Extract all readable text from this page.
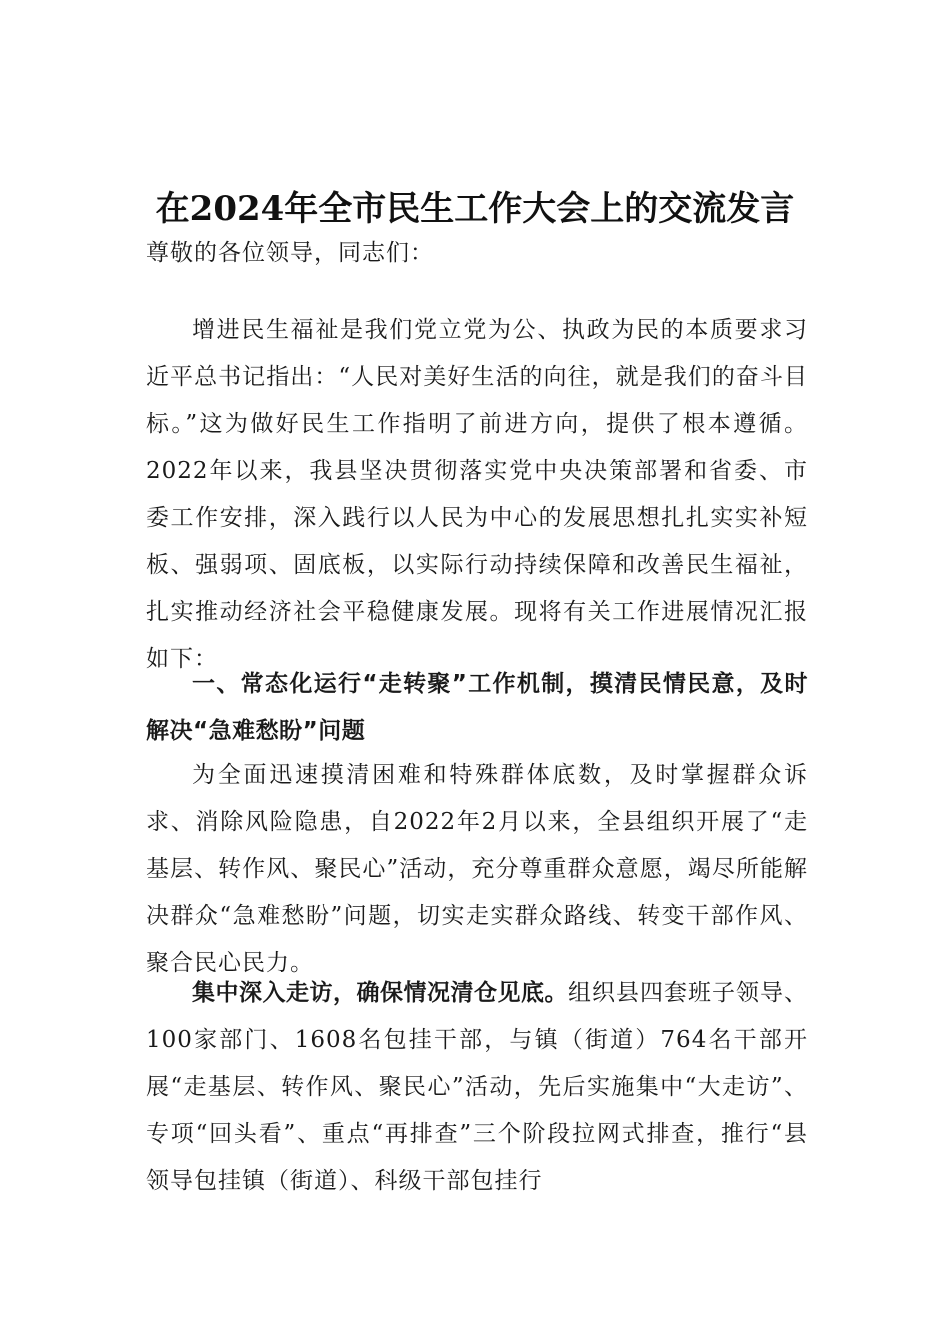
在2024年全市民生工作大会上的交流发言
尊敬的各位领导，同志们：
增进民生福祉是我们党立党为公、执政为民的本质要求习近平总书记指出：“人民对美好生活的向往，就是我们的奋斗目标。”这为做好民生工作指明了前进方向，提供了根本遵循。2022年以来，我县坚决贯彻落实党中央决策部署和省委、市委工作安排，深入践行以人民为中心的发展思想扎扎实实补短板、强弱项、固底板，以实际行动持续保障和改善民生福祉，扎实推动经济社会平稳健康发展。现将有关工作进展情况汇报如下：
一、常态化运行“走转聚”工作机制，摸清民情民意，及时解决“急难愁盼”问题
为全面迅速摸清困难和特殊群体底数，及时掌握群众诉求、消除风险隐患，自2022年2月以来，全县组织开展了“走基层、转作风、聚民心”活动，充分尊重群众意愿，竭尽所能解决群众“急难愁盼”问题，切实走实群众路线、转变干部作风、聚合民心民力。
集中深入走访，确保情况清仓见底。组织县四套班子领导、100家部门、1608名包挂干部，与镇（街道）764名干部开展“走基层、转作风、聚民心”活动，先后实施集中“大走访”、专项“回头看”、重点“再排查”三个阶段拉网式排查，推行“县领导包挂镇（街道）、科级干部包挂行
